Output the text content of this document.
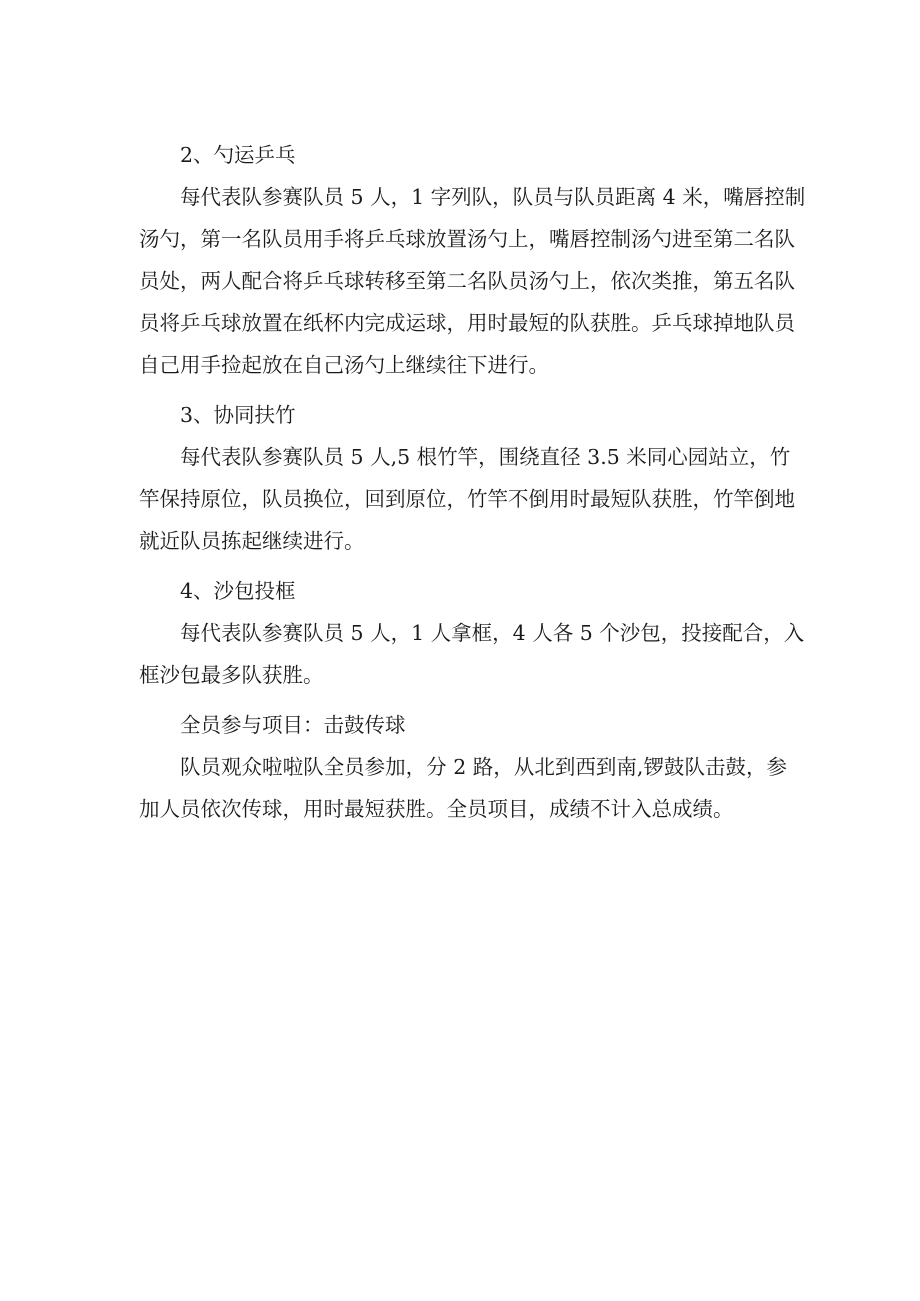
2、勺运乒乓

每代表队参赛队员 5 人，1 字列队，队员与队员距离 4 米，嘴唇控制

汤勺，第一名队员用手将乒乓球放置汤勺上，嘴唇控制汤勺进至第二名队

员处，两人配合将乒乓球转移至第二名队员汤勺上，依次类推，第五名队

员将乒乓球放置在纸杯内完成运球，用时最短的队获胜。乒乓球掉地队员

自己用手捡起放在自己汤勺上继续往下进行。

3、协同扶竹

每代表队参赛队员 5 人,5 根竹竿，围绕直径 3.5 米同心园站立，竹

竿保持原位，队员换位，回到原位，竹竿不倒用时最短队获胜，竹竿倒地

就近队员拣起继续进行。

4、沙包投框

每代表队参赛队员 5 人，1 人拿框，4 人各 5 个沙包，投接配合，入

框沙包最多队获胜。

全员参与项目：击鼓传球

队员观众啦啦队全员参加，分 2 路，从北到西到南,锣鼓队击鼓，参

加人员依次传球，用时最短获胜。全员项目，成绩不计入总成绩。
